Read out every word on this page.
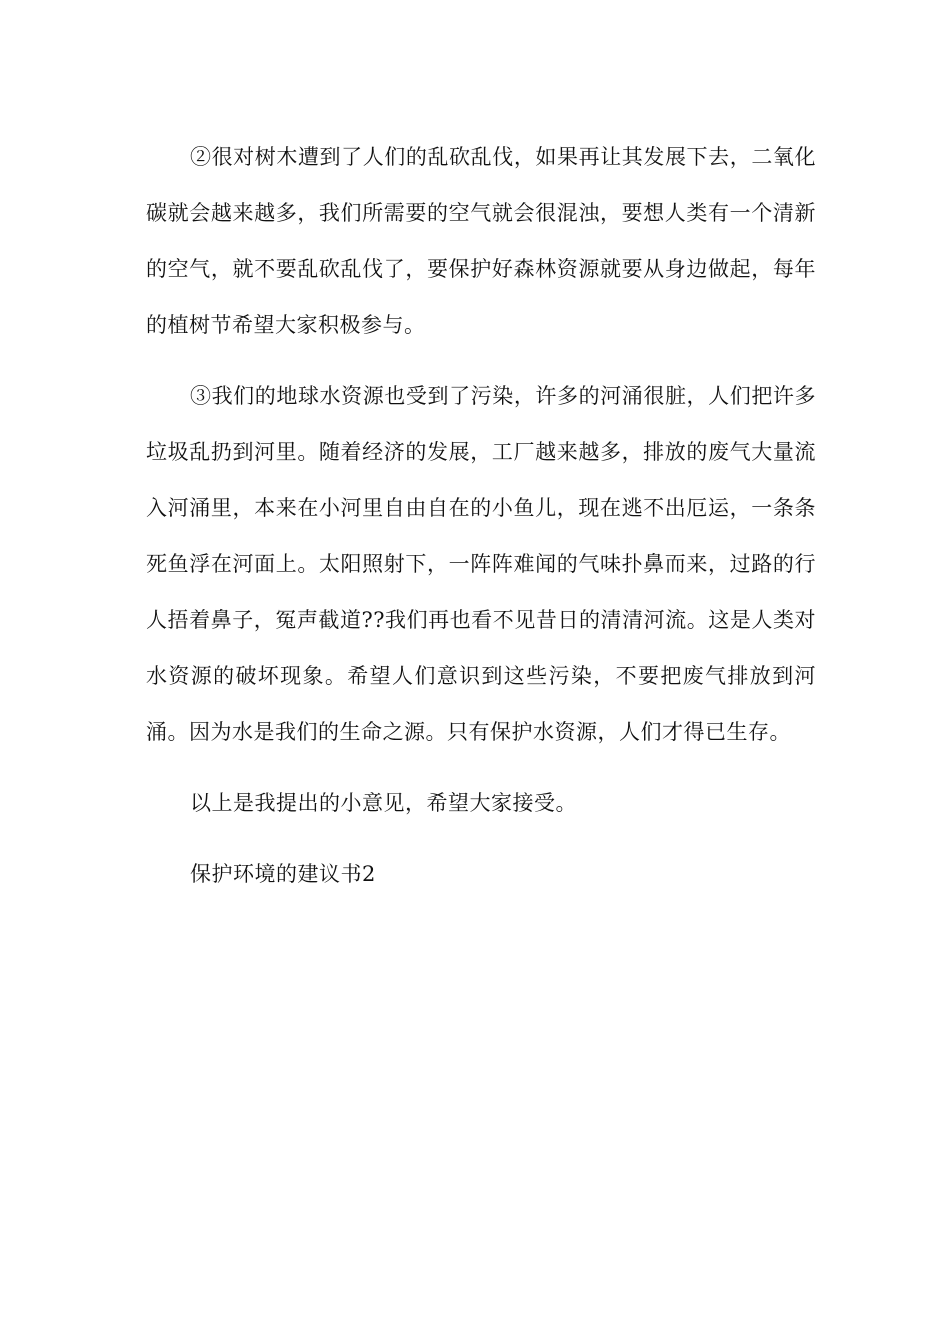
②很对树木遭到了人们的乱砍乱伐，如果再让其发展下去，二氧化碳就会越来越多，我们所需要的空气就会很混浊，要想人类有一个清新的空气，就不要乱砍乱伐了，要保护好森林资源就要从身边做起，每年的植树节希望大家积极参与。

③我们的地球水资源也受到了污染，许多的河涌很脏，人们把许多垃圾乱扔到河里。随着经济的发展，工厂越来越多，排放的废气大量流入河涌里，本来在小河里自由自在的小鱼儿，现在逃不出厄运，一条条死鱼浮在河面上。太阳照射下，一阵阵难闻的气味扑鼻而来，过路的行人捂着鼻子，冤声截道??我们再也看不见昔日的清清河流。这是人类对水资源的破坏现象。希望人们意识到这些污染，不要把废气排放到河涌。因为水是我们的生命之源。只有保护水资源，人们才得已生存。

以上是我提出的小意见，希望大家接受。

保护环境的建议书2
